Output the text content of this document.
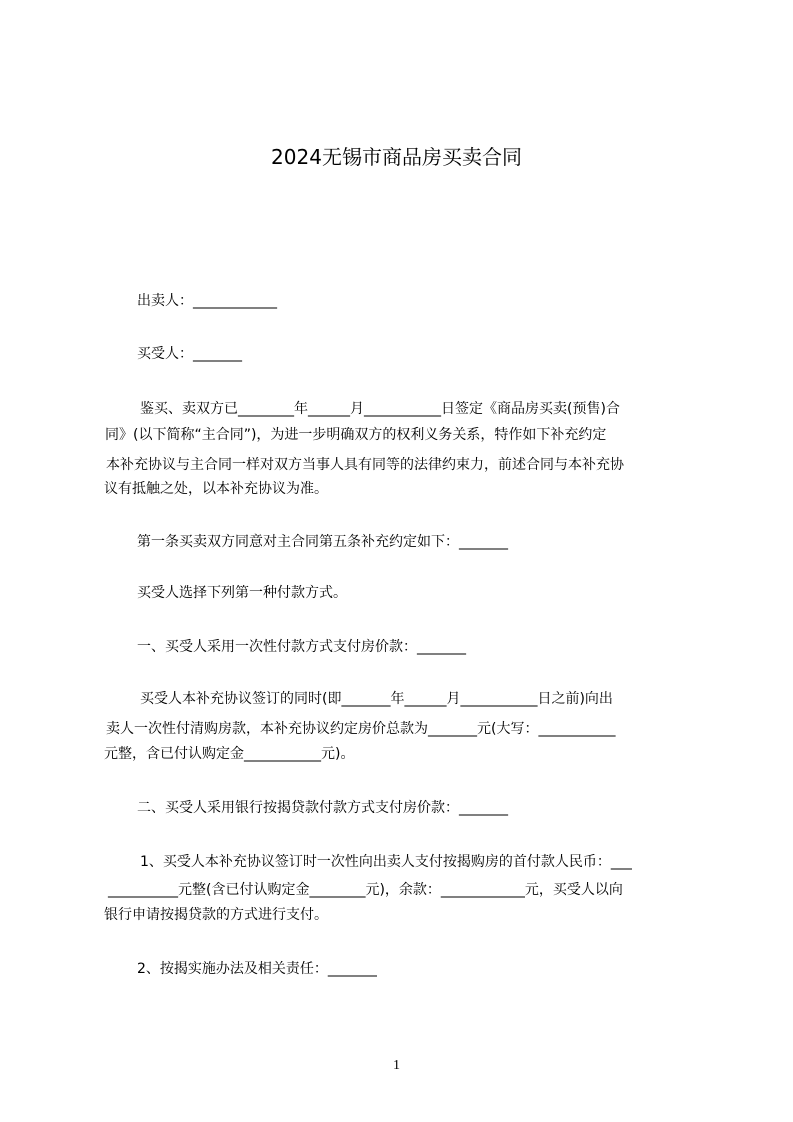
2024无锡市商品房买卖合同

出卖人：____________

买受人：_______

鉴买、卖双方已________年______月___________日签定《商品房买卖(预售)合

同》(以下简称“主合同”)，为进一步明确双方的权利义务关系，特作如下补充约定

本补充协议与主合同一样对双方当事人具有同等的法律约束力，前述合同与本补充协

议有抵触之处，以本补充协议为准。

第一条买卖双方同意对主合同第五条补充约定如下：_______

买受人选择下列第一种付款方式。

一、买受人采用一次性付款方式支付房价款：_______

买受人本补充协议签订的同时(即_______年______月___________日之前)向出

卖人一次性付清购房款，本补充协议约定房价总款为_______元(大写：___________

元整，含已付认购定金___________元)。

二、买受人采用银行按揭贷款付款方式支付房价款：_______

1、买受人本补充协议签订时一次性向出卖人支付按揭购房的首付款人民币：___

__________元整(含已付认购定金________元)，余款：____________元，买受人以向

银行申请按揭贷款的方式进行支付。

2、按揭实施办法及相关责任：_______

1
